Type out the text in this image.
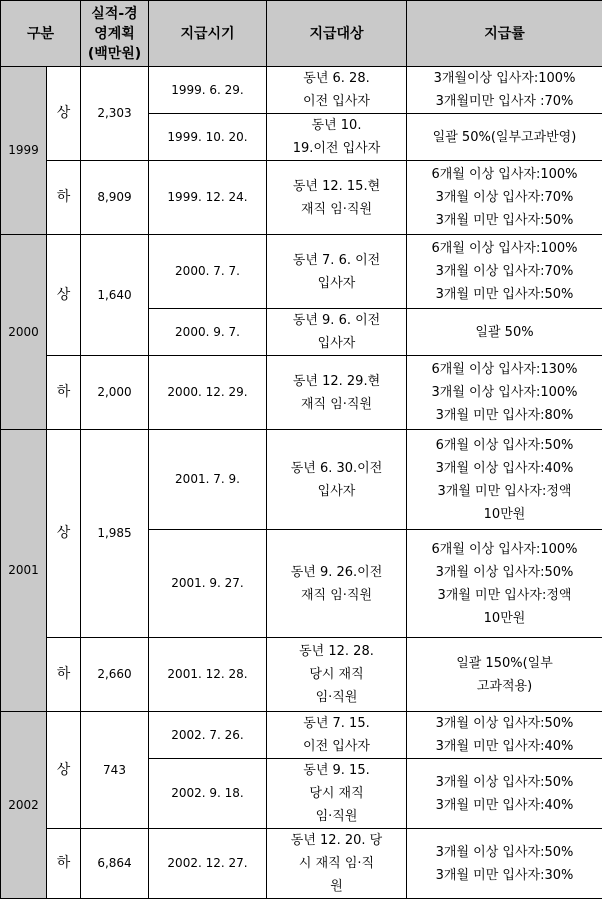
구분		실적-경
영계획
(백만원)	지급시기	지급대상	지급률
1999	상	2,303	1999. 6. 29.	동년 6. 28.
이전 입사자	3개월이상 입사자:100%
3개월미만 입사자 :70%

			1999. 10. 20.	동년 10.
19.이전 입사자	일괄 50%(일부고과반영)

	하	8,909	1999. 12. 24.	동년 12. 15.현
재직 임·직원	6개월 이상 입사자:100%
3개월 이상 입사자:70%
3개월 미만 입사자:50%

2000	상	1,640	2000. 7. 7.	동년 7. 6. 이전
입사자	6개월 이상 입사자:100%
3개월 이상 입사자:70%
3개월 미만 입사자:50%

			2000. 9. 7.	동년 9. 6. 이전
입사자	일괄 50%

	하	2,000	2000. 12. 29.	동년 12. 29.현
재직 임·직원	6개월 이상 입사자:130%
3개월 이상 입사자:100%
3개월 미만 입사자:80%

2001	상	1,985	2001. 7. 9.	동년 6. 30.이전
입사자	6개월 이상 입사자:50%
3개월 이상 입사자:40%
3개월 미만 입사자:정액
10만원

			2001. 9. 27.	동년 9. 26.이전
재직 임·직원	6개월 이상 입사자:100%
3개월 이상 입사자:50%
3개월 미만 입사자:정액
10만원

	하	2,660	2001. 12. 28.	동년 12. 28.
당시 재직
임·직원	일괄 150%(일부
고과적용)

2002	상	743	2002. 7. 26.	동년 7. 15.
이전 입사자	3개월 이상 입사자:50%
3개월 미만 입사자:40%

			2002. 9. 18.	동년 9. 15.
당시 재직
임·직원	3개월 이상 입사자:50%
3개월 미만 입사자:40%

	하	6,864	2002. 12. 27.	동년 12. 20. 당
시 재직 임·직
원	3개월 이상 입사자:50%
3개월 미만 입사자:30%
